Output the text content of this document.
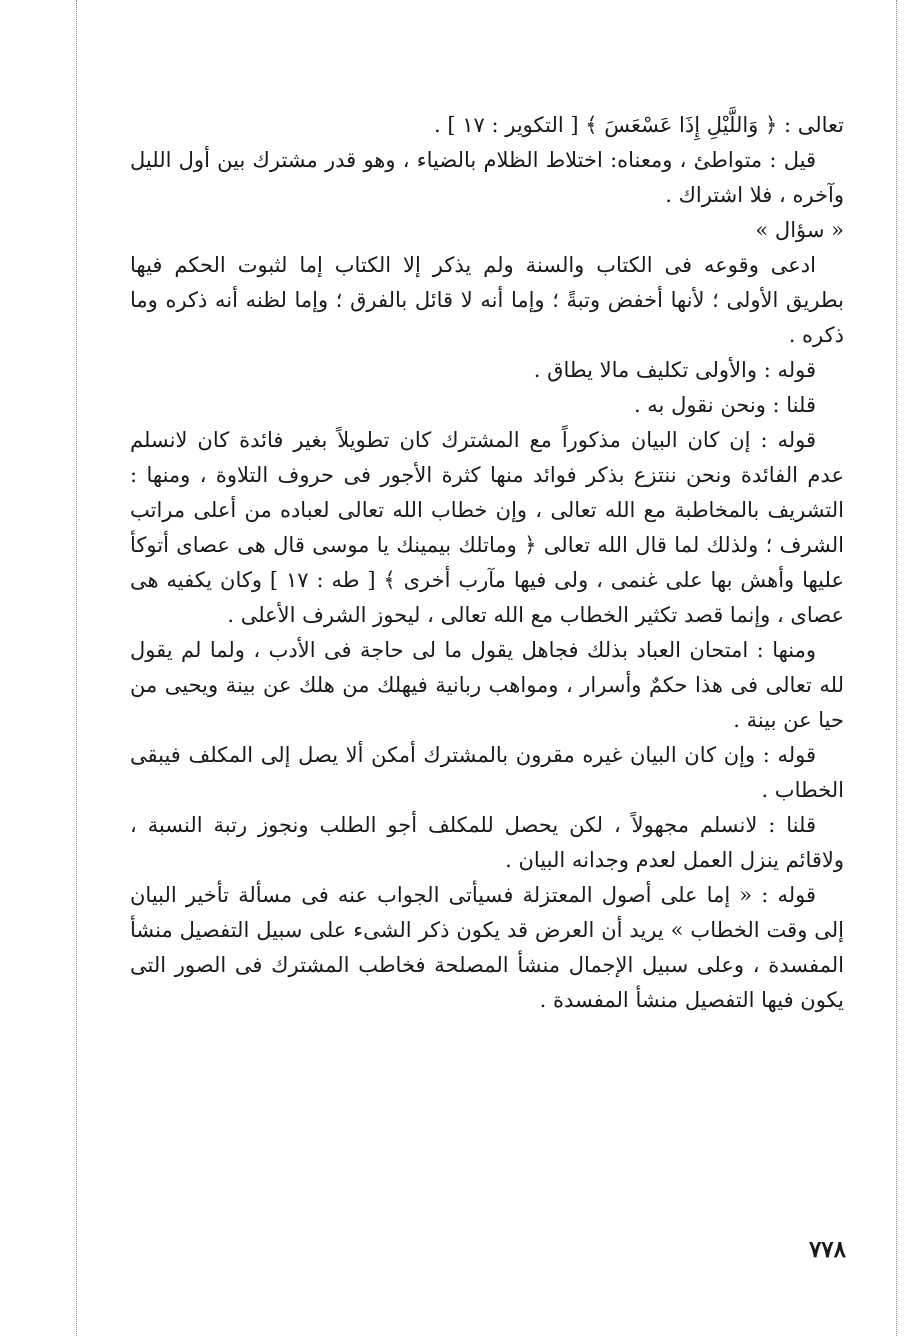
تعالى : ﴿ وَاللَّيْلِ إِذَا عَسْعَسَ ﴾ [ التكوير : ١٧ ] .

قيل : متواطئ ، ومعناه: اختلاط الظلام بالضياء ، وهو قدر مشترك بين أول الليل وآخره ، فلا اشتراك .

« سؤال »

ادعى وقوعه فى الكتاب والسنة ولم يذكر إلا الكتاب إما لثبوت الحكم فيها بطريق الأولى ؛ لأنها أخفض وتبةً ؛ وإما أنه لا قائل بالفرق ؛ وإما لظنه أنه ذكره وما ذكره .

قوله : والأولى تكليف مالا يطاق .

قلنا : ونحن نقول به .

قوله : إن كان البيان مذكوراً مع المشترك كان تطويلاً بغير فائدة كان لانسلم عدم الفائدة ونحن ننتزع بذكر فوائد منها كثرة الأجور فى حروف التلاوة ، ومنها : التشريف بالمخاطبة مع الله تعالى ، وإن خطاب الله تعالى لعباده من أعلى مراتب الشرف ؛ ولذلك لما قال الله تعالى ﴿ وماتلك بيمينك يا موسى قال هى عصاى أتوكأ عليها وأهش بها على غنمى ، ولى فيها مآرب أخرى ﴾ [ طه : ١٧ ] وكان يكفيه هى عصاى ، وإنما قصد تكثير الخطاب مع الله تعالى ، ليحوز الشرف الأعلى .

ومنها : امتحان العباد بذلك فجاهل يقول ما لى حاجة فى الأدب ، ولما لم يقول لله تعالى فى هذا حكمٌ وأسرار ، ومواهب ربانية فيهلك من هلك عن بينة ويحيى من حيا عن بينة .

قوله : وإن كان البيان غيره مقرون بالمشترك أمكن ألا يصل إلى المكلف فيبقى الخطاب .

قلنا : لانسلم مجهولاً ، لكن يحصل للمكلف أجو الطلب ونجوز رتبة النسبة ، ولاقائم ينزل العمل لعدم وجدانه البيان .

قوله : « إما على أصول المعتزلة فسيأتى الجواب عنه فى مسألة تأخير البيان إلى وقت الخطاب » يريد أن العرض قد يكون ذكر الشىء على سبيل التفصيل منشأ المفسدة ، وعلى سبيل الإجمال منشأ المصلحة فخاطب المشترك فى الصور التى يكون فيها التفصيل منشأ المفسدة .

٧٧٨
